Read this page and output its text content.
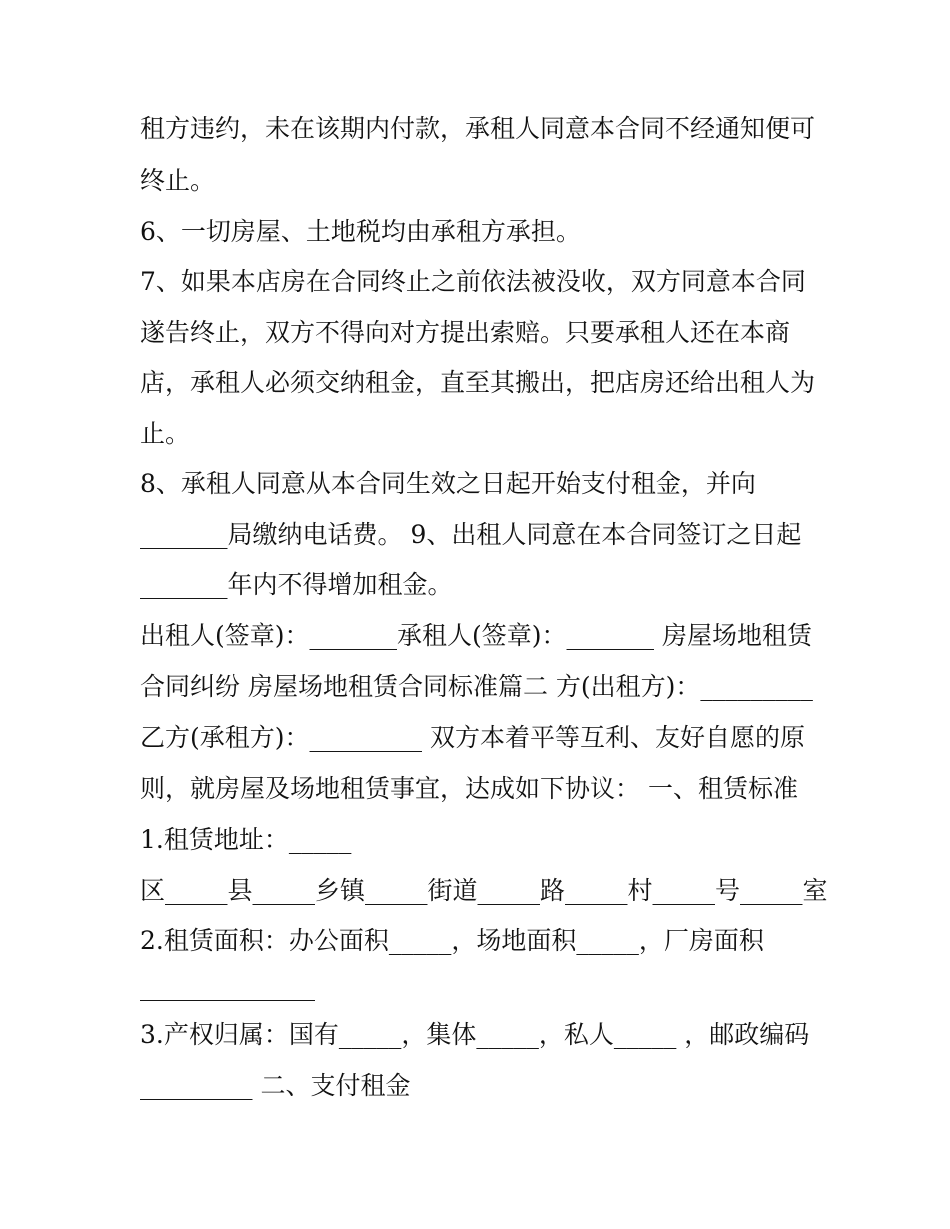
租方违约，未在该期内付款，承租人同意本合同不经通知便可
终止。
6、一切房屋、土地税均由承租方承担。
7、如果本店房在合同终止之前依法被没收，双方同意本合同
遂告终止，双方不得向对方提出索赔。只要承租人还在本商
店，承租人必须交纳租金，直至其搬出，把店房还给出租人为
止。
8、承租人同意从本合同生效之日起开始支付租金，并向
_______局缴纳电话费。 9、出租人同意在本合同签订之日起
_______年内不得增加租金。
出租人(签章)：_______承租人(签章)：_______ 房屋场地租赁
合同纠纷 房屋场地租赁合同标准篇二 方(出租方)：_________
乙方(承租方)：_________ 双方本着平等互利、友好自愿的原
则，就房屋及场地租赁事宜，达成如下协议： 一、租赁标准
1.租赁地址：_____
区_____县_____乡镇_____街道_____路_____村_____号_____室
2.租赁面积：办公面积_____，场地面积_____，厂房面积
______________
3.产权归属：国有_____，集体_____，私人_____ ，邮政编码
_________ 二、支付租金
